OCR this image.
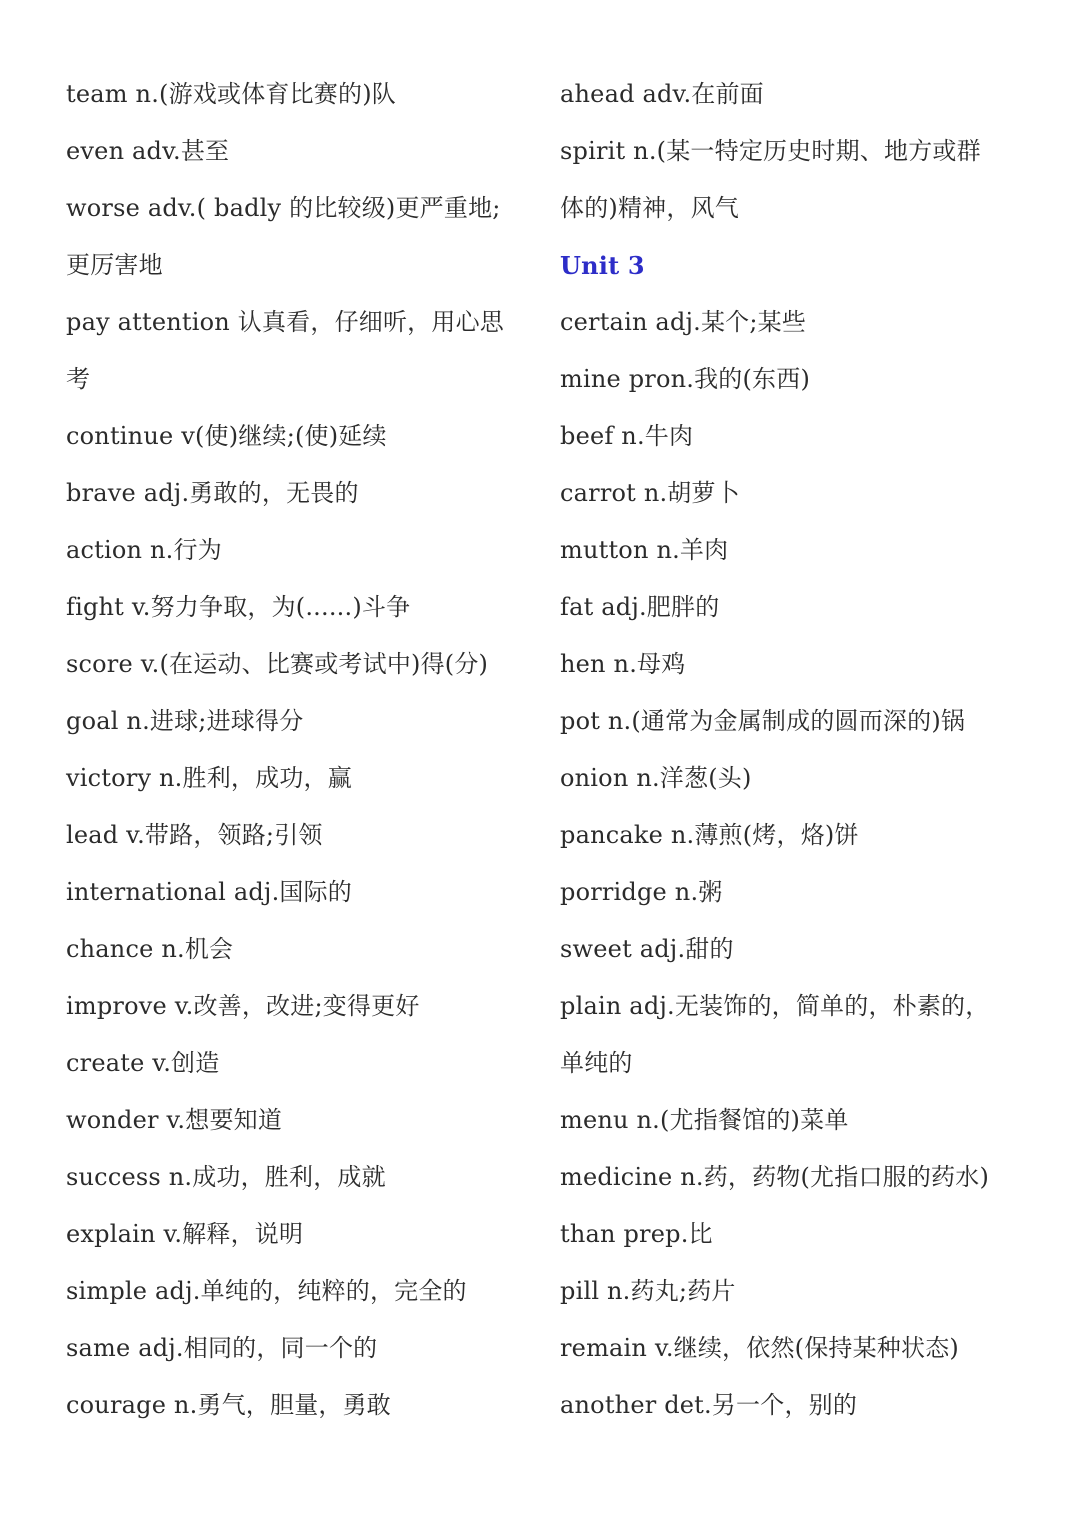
team n.(游戏或体育比赛的)队
even adv.甚至
worse adv.( badly 的比较级)更严重地;
更厉害地
pay attention 认真看，仔细听，用心思
考
continue v(使)继续;(使)延续
brave adj.勇敢的，无畏的
action n.行为
fight v.努力争取，为(......)斗争
score v.(在运动、比赛或考试中)得(分)
goal n.进球;进球得分
victory n.胜利，成功，赢
lead v.带路，领路;引领
international adj.国际的
chance n.机会
improve v.改善，改进;变得更好
create v.创造
wonder v.想要知道
success n.成功，胜利，成就
explain v.解释，说明
simple adj.单纯的，纯粹的，完全的
same adj.相同的，同一个的
courage n.勇气，胆量，勇敢
ahead adv.在前面
spirit n.(某一特定历史时期、地方或群
体的)精神，风气
Unit 3
certain adj.某个;某些
mine pron.我的(东西)
beef n.牛肉
carrot n.胡萝卜
mutton n.羊肉
fat adj.肥胖的
hen n.母鸡
pot n.(通常为金属制成的圆而深的)锅
onion n.洋葱(头)
pancake n.薄煎(烤，烙)饼
porridge n.粥
sweet adj.甜的
plain adj.无装饰的，简单的，朴素的，
单纯的
menu n.(尤指餐馆的)菜单
medicine n.药，药物(尤指口服的药水)
than prep.比
pill n.药丸;药片
remain v.继续，依然(保持某种状态)
another det.另一个，别的
